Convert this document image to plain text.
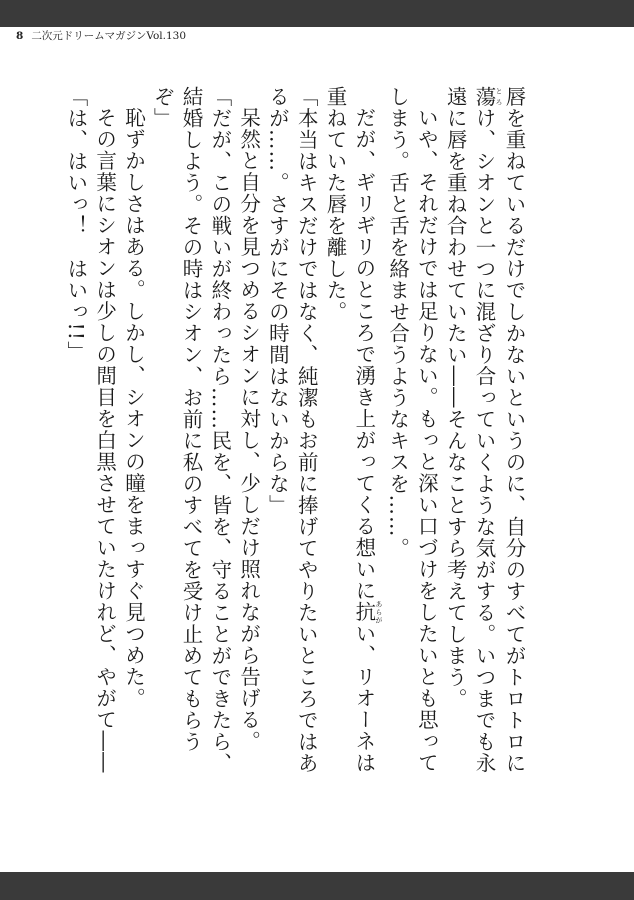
8 二次元ドリームマガジンVol.130

唇を重ねているだけでしかないというのに、自分のすべてがトロトロに蕩 とろけ、シオンと一つに混ざり合っていくような気がする。いつまでも永遠に唇を重ね合わせていたい――そんなことすら考えてしまう。

いや、それだけでは足りない。もっと深い口づけをしたいとも思ってしまう。舌と舌を絡ませ合うようなキスを……。

だが、ギリギリのところで湧き上がってくる想いに抗 あらがい、リオーネは重ねていた唇を離した。

「本当はキスだけではなく、純潔もお前に捧げてやりたいところではあるが……。さすがにその時間はないからな」

呆然と自分を見つめるシオンに対し、少しだけ照れながら告げる。

「だが、この戦いが終わったら……民を、皆を、守ることができたら、結婚しよう。その時はシオン、お前に私のすべてを受け止めてもらうぞ」

恥ずかしさはある。しかし、シオンの瞳をまっすぐ見つめた。

その言葉にシオンは少しの間目を白黒させていたけれど、やがて――

「は、はいっ！　はいっ!!」
